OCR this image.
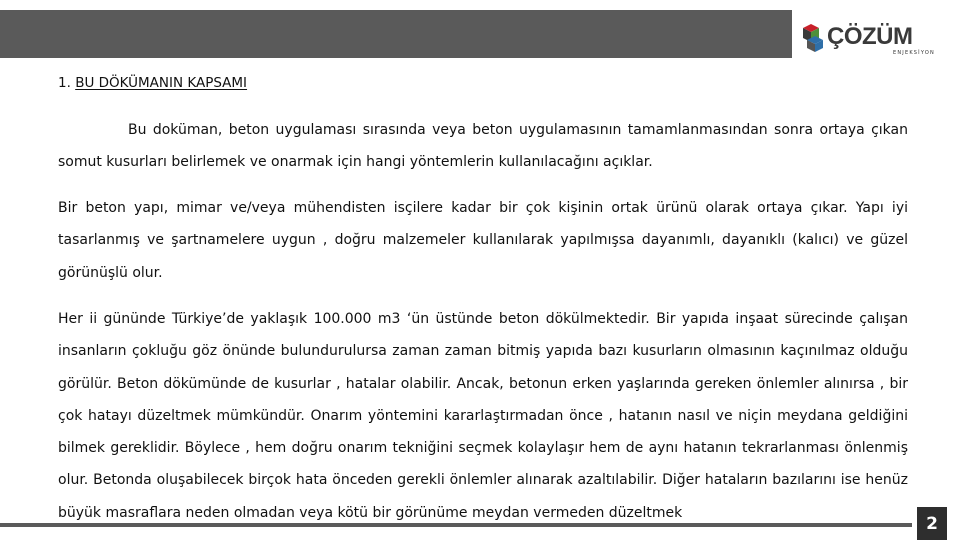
ÇÖZÜM
ENJEKSİYON
1. BU DÖKÜMANIN KAPSAMI

Bu doküman, beton uygulaması sırasında veya beton uygulamasının tamamlanmasından sonra ortaya çıkan somut kusurları belirlemek ve onarmak için hangi yöntemlerin kullanılacağını açıklar.

Bir beton yapı, mimar ve/veya mühendisten isçilere kadar bir çok kişinin ortak ürünü olarak ortaya çıkar. Yapı iyi tasarlanmış ve şartnamelere uygun , doğru malzemeler kullanılarak yapılmışsa dayanımlı, dayanıklı (kalıcı) ve güzel görünüşlü olur.

Her ii gününde Türkiye’de yaklaşık 100.000 m3 ‘ün üstünde beton dökülmektedir. Bir yapıda inşaat sürecinde çalışan insanların çokluğu göz önünde bulundurulursa zaman zaman bitmiş yapıda bazı kusurların olmasının kaçınılmaz olduğu görülür. Beton dökümünde de kusurlar , hatalar olabilir. Ancak, betonun erken yaşlarında gereken önlemler alınırsa , bir çok hatayı düzeltmek mümkündür. Onarım yöntemini kararlaştırmadan önce , hatanın nasıl ve niçin meydana geldiğini bilmek gereklidir. Böylece , hem doğru onarım tekniğini seçmek kolaylaşır hem de aynı hatanın tekrarlanması önlenmiş olur. Betonda oluşabilecek birçok hata önceden gerekli önlemler alınarak azaltılabilir. Diğer hataların bazılarını ise henüz büyük masraflara neden olmadan veya kötü bir görünüme meydan vermeden düzeltmek

2
